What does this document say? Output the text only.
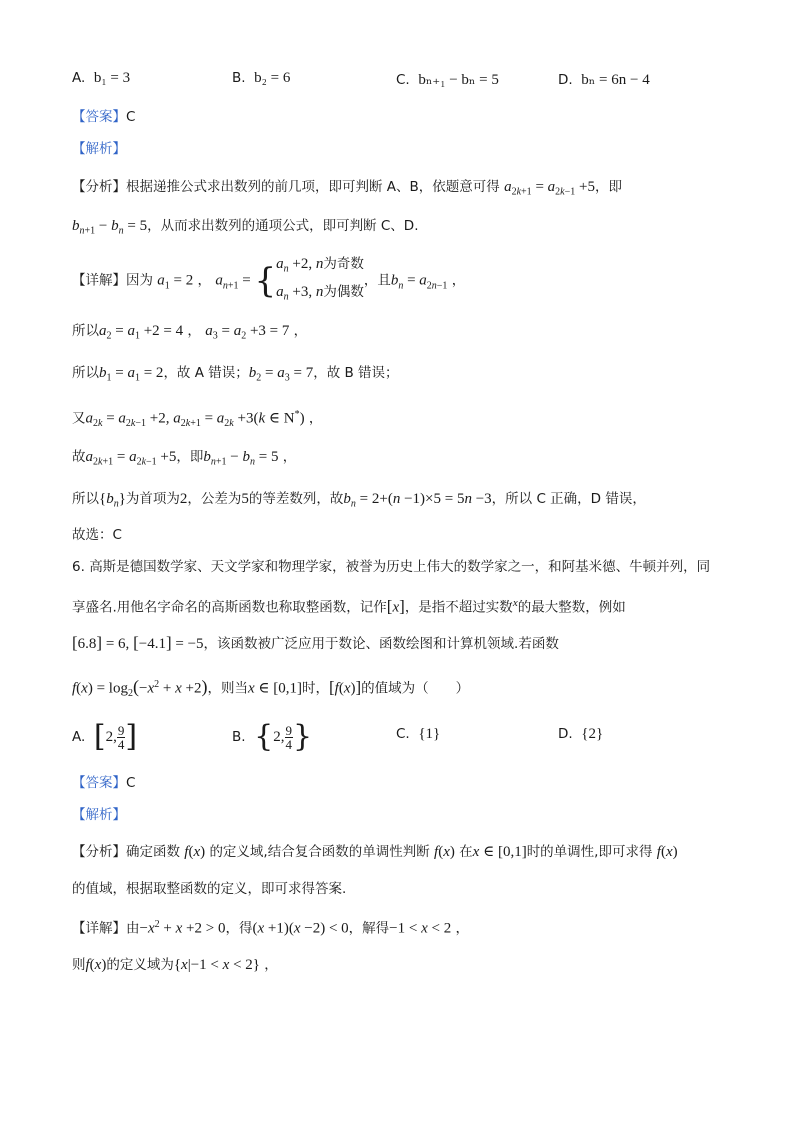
A. b₁ = 3	B. b₂ = 6	C. bₙ₊₁ − bₙ = 5	D. bₙ = 6n − 4
【答案】C
【解析】
【分析】根据递推公式求出数列的前几项，即可判断 A、B，依题意可得 $a_{2k+1} = a_{2k-1} +5$，即
$b_{n+1} - b_n = 5$，从而求出数列的通项公式，即可判断 C、D.
【详解】因为 $a_1 = 2$ ， $a_{n+1}$ = { $a_n +2$, n为奇数
$a_n +3$, n为偶数
，且$b_n = a_{2n-1}$ ，
所以$a_2 = a_1 +2 = 4$ ， $a_3 = a_2 +3 = 7$ ，
所以$b_1 = a_1 = 2$，故 A 错误；$b_2 = a_3 = 7$，故 B 错误；
又$a_{2k} = a_{2k-1} +2$, $a_{2k+1} = a_{2k} +3(k$ ∈ N*) ，
故$a_{2k+1} = a_{2k-1} +5$，即$b_{n+1} - b_n = 5$ ，
所以$\{b_n\}$为首项为2，公差为5的等差数列，故$b_n = 2+(n -1)\times 5 = 5n -3$，所以 C 正确，D 错误，
故选：C
6. 高斯是德国数学家、天文学家和物理学家，被誉为历史上伟大的数学家之一，和阿基米德、牛顿并列，同
享盛名.用他名字命名的高斯函数也称取整函数，记作[x]，是指不超过实数$^x$的最大整数，例如
[6.8] = 6, [−4.1] = −5，该函数被广泛应用于数论、函数绘图和计算机领域.若函数
$f(x) = \log_2(-x^2 + x +2)$，则当x ∈ [0,1]时，[f(x)]的值域为（　　）
A. [2, $\frac{9}{4}$ ]	B. {2, $\frac{9}{4}$ }	C. {1}	D. {2}
【答案】C
【解析】
【分析】确定函数 f(x) 的定义域,结合复合函数的单调性判断 f(x) 在x ∈ [0,1]时的单调性,即可求得 f(x)
的值域，根据取整函数的定义，即可求得答案.
【详解】由$-x^2 + x +2 > 0$，得(x +1)(x −2) < 0，解得−1 < x < 2 ，
则f(x)的定义域为{x|−1 < x < 2} ，
